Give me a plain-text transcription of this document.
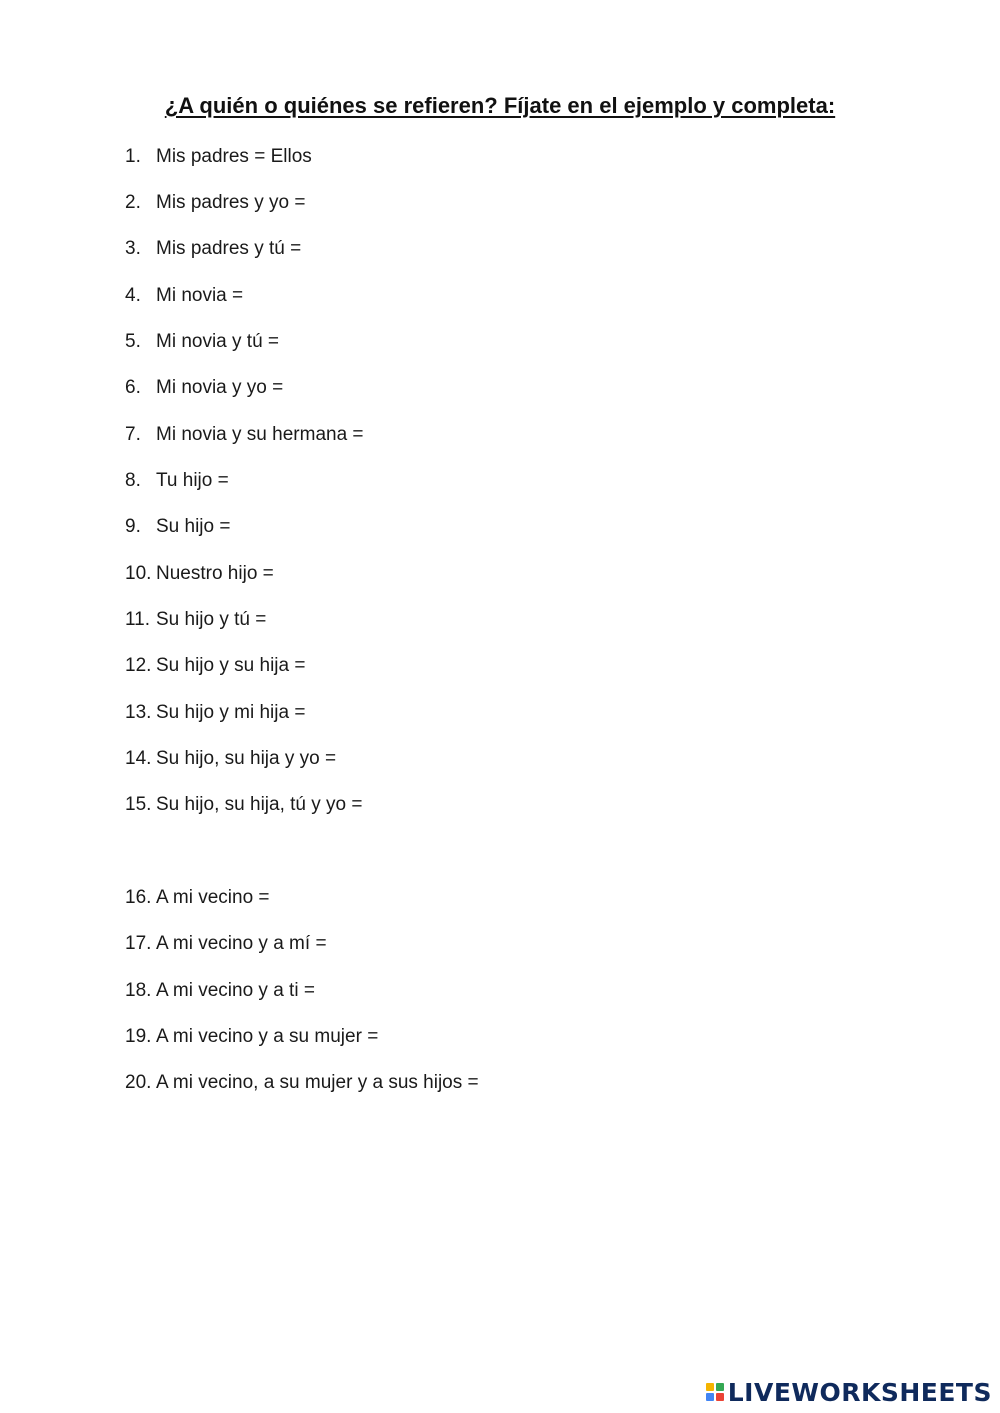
¿A quién o quiénes se refieren? Fíjate en el ejemplo y completa:
1. Mis padres = Ellos
2. Mis padres y yo =
3. Mis padres y tú =
4. Mi novia =
5. Mi novia y tú =
6. Mi novia y yo =
7. Mi novia y su hermana =
8. Tu hijo =
9. Su hijo =
10. Nuestro hijo =
11. Su hijo y tú =
12. Su hijo y su hija =
13. Su hijo y mi hija =
14. Su hijo, su hija y yo =
15. Su hijo, su hija, tú y yo =
16. A mi vecino =
17. A mi vecino y a mí =
18. A mi vecino y a ti =
19. A mi vecino y a su mujer =
20. A mi vecino, a su mujer y a sus hijos =
LIVEWORKSHEETS
